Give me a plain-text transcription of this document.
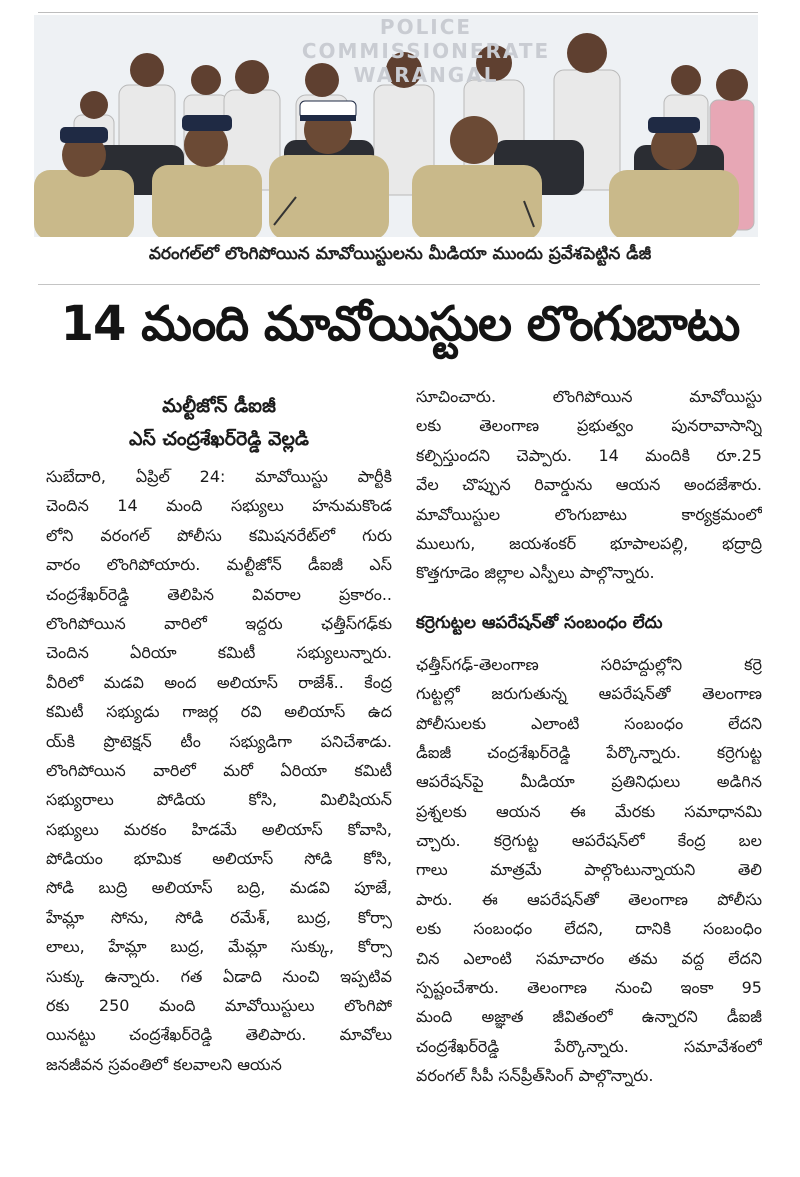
POLICE COMMISSIONERATE
WARANGAL
వరంగల్‌లో లొంగిపోయిన మావోయిస్టులను మీడియా ముందు ప్రవేశపెట్టిన డీజీ
14 మంది మావోయిస్టుల లొంగుబాటు
మల్టీజోన్ డీఐజీ
ఎస్ చంద్రశేఖర్‌రెడ్డి వెల్లడి
సుబేదారి, ఏప్రిల్ 24: మావోయిస్టు పార్టీకి
చెందిన 14 మంది సభ్యులు హనుమకొండ
లోని వరంగల్ పోలీసు కమిషనరేట్‌లో గురు
వారం లొంగిపోయారు. మల్టీజోన్ డీఐజీ ఎస్
చంద్రశేఖర్‌రెడ్డి తెలిపిన వివరాల ప్రకారం..
లొంగిపోయిన వారిలో ఇద్దరు ఛత్తీస్‌గఢ్‌కు
చెందిన ఏరియా కమిటీ సభ్యులున్నారు.
వీరిలో మడవి అంద అలియాస్ రాజేశ్.. కేంద్ర
కమిటీ సభ్యుడు గాజర్ల రవి అలియాస్ ఉద
య్‌కి ప్రొటెక్షన్ టీం సభ్యుడిగా పనిచేశాడు.
లొంగిపోయిన వారిలో మరో ఏరియా కమిటీ
సభ్యురాలు పోడియ కోసి, మిలిషియన్
సభ్యులు మరకం హిడమే అలియాస్ కోవాసి,
పోడియం భూమిక అలియాస్ సోడి కోసి,
సోడి బుద్రి అలియాస్ బద్రి, మడవి పూజే,
హేమ్లా సోను, సోడి రమేశ్, బుద్ర, కోర్సా
లాలు, హేమ్లా బుద్ర, మేమ్లా సుక్కు, కోర్సా
సుక్కు ఉన్నారు. గత ఏడాది నుంచి ఇప్పటివ
రకు 250 మంది మావోయిస్టులు లొంగిపో
యినట్టు చంద్రశేఖర్‌రెడ్డి తెలిపారు. మావోలు
జనజీవన స్రవంతిలో కలవాలని ఆయన
సూచించారు. లొంగిపోయిన మావోయిస్టు
లకు తెలంగాణ ప్రభుత్వం పునరావాసాన్ని
కల్పిస్తుందని చెప్పారు. 14 మందికి రూ.25
వేల చొప్పున రివార్డును ఆయన అందజేశారు.
మావోయిస్టుల లొంగుబాటు కార్యక్రమంలో
ములుగు, జయశంకర్ భూపాలపల్లి, భద్రాద్రి
కొత్తగూడెం జిల్లాల ఎస్పీలు పాల్గొన్నారు.
కర్రెగుట్టల ఆపరేషన్‌తో సంబంధం లేదు
ఛత్తీస్‌గఢ్-తెలంగాణ సరిహద్దుల్లోని కర్రె
గుట్టల్లో జరుగుతున్న ఆపరేషన్‌తో తెలంగాణ
పోలీసులకు ఎలాంటి సంబంధం లేదని
డీఐజీ చంద్రశేఖర్‌రెడ్డి పేర్కొన్నారు. కర్రెగుట్ట
ఆపరేషన్‌పై మీడియా ప్రతినిధులు అడిగిన
ప్రశ్నలకు ఆయన ఈ మేరకు సమాధానమి
చ్చారు. కర్రెగుట్ట ఆపరేషన్‌లో కేంద్ర బల
గాలు మాత్రమే పాల్గొంటున్నాయని తెలి
పారు. ఈ ఆపరేషన్‌తో తెలంగాణ పోలీసు
లకు సంబంధం లేదని, దానికి సంబంధిం
చిన ఎలాంటి సమాచారం తమ వద్ద లేదని
స్పష్టంచేశారు. తెలంగాణ నుంచి ఇంకా 95
మంది అజ్ఞాత జీవితంలో ఉన్నారని డీఐజీ
చంద్రశేఖర్‌రెడ్డి పేర్కొన్నారు. సమావేశంలో
వరంగల్ సీపీ సన్‌ప్రీత్‌సింగ్ పాల్గొన్నారు.
